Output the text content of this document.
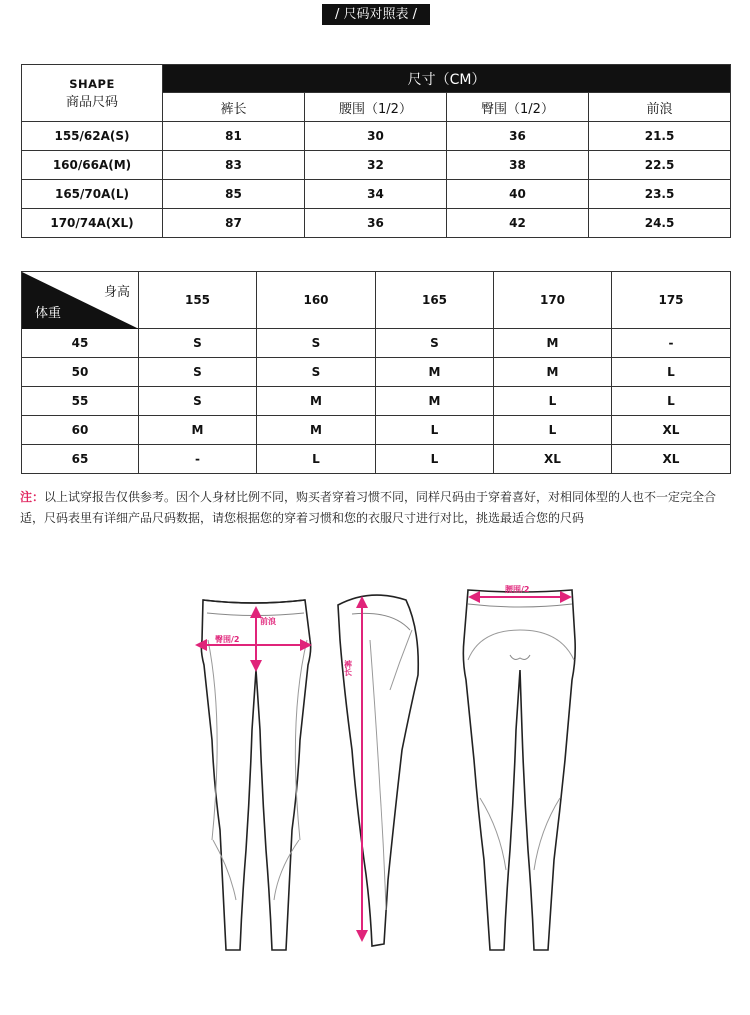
/ 尺码对照表 /
SHAPE
商品尺码	尺寸（CM）			
	裤长	腰围（1/2）	臀围（1/2）	前浪
155/62A(S)	81	30	36	21.5
160/66A(M)	83	32	38	22.5
165/70A(L)	85	34	40	23.5
170/74A(XL)	87	36	42	24.5
身高
体重	155	160	165	170	175
45	S	S	S	M	-
50	S	S	M	M	L
55	S	M	M	L	L
60	M	M	L	L	XL
65	-	L	L	XL	XL
注：以上试穿报告仅供参考。因个人身材比例不同，购买者穿着习惯不同，同样尺码由于穿着喜好，对相同体型的人也不一定完全合适，尺码表里有详细产品尺码数据，请您根据您的穿着习惯和您的衣服尺寸进行对比，挑选最适合您的尺码
臀围/2
前浪
裤长
腰围/2
